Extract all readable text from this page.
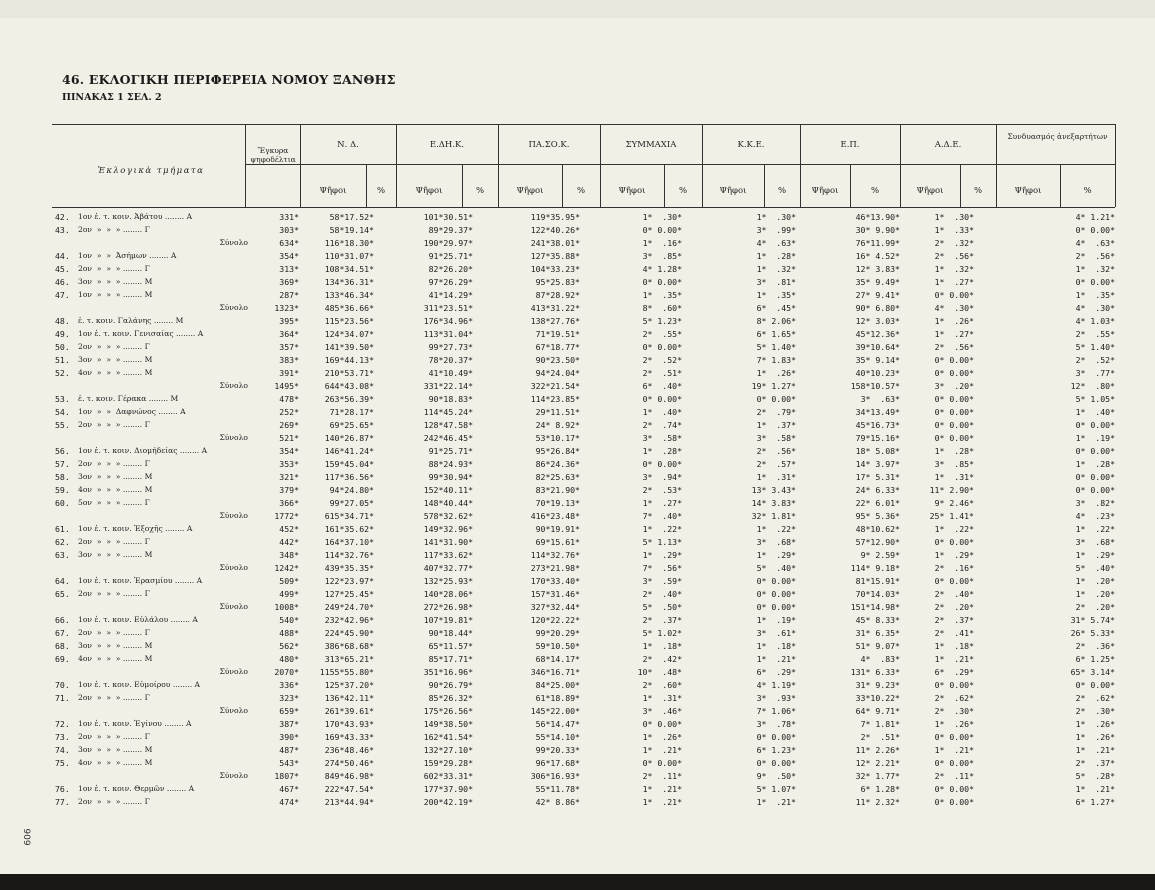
46. ΕΚΛΟΓΙΚΗ ΠΕΡΙΦΕΡΕΙΑ ΝΟΜΟΥ ΞΑΝΘΗΣ
ΠΙΝΑΚΑΣ 1 ΣΕΛ. 2
Ἐκλογικὰ τμήματα
Ἔγκυρα ψηφοδέλτια
Ν. Δ.	Ε.ΔΗ.Κ.	ΠΑ.ΣΟ.Κ.	ΣΥΜΜΑΧΙΑ	Κ.Κ.Ε.	Ε.Π.	Α.Δ.Ε.
Συνδυασμός ἀνεξαρτήτων
Ψῆφοι	%	Ψῆφοι	%	Ψῆφοι	%	Ψῆφοι	%	Ψῆφοι	%	Ψῆφοι	%	Ψῆφοι	%	Ψῆφοι	%
42. 1ον ἐ. τ. κοιν. Ἀβάτου ........ Α	331*	58*17.52*	101*30.51*	119*35.95*	1*  .30*	1*  .30*	46*13.90*	1*  .30*	4* 1.21*
43. 2ον  »  »  » ........ Γ	303*	58*19.14*	89*29.37*	122*40.26*	0* 0.00*	3*  .99*	30* 9.90*	1*  .33*	0* 0.00*
Σύνολο	634*	116*18.30*	190*29.97*	241*38.01*	1*  .16*	4*  .63*	76*11.99*	2*  .32*	4*  .63*
44. 1ον  »  »  Ἀσήμων ........ Α	354*	110*31.07*	91*25.71*	127*35.88*	3*  .85*	1*  .28*	16* 4.52*	2*  .56*	2*  .56*
45. 2ον  »  »  » ........ Γ	313*	108*34.51*	82*26.20*	104*33.23*	4* 1.28*	1*  .32*	12* 3.83*	1*  .32*	1*  .32*
46. 3ον  »  »  » ........ Μ	369*	134*36.31*	97*26.29*	95*25.83*	0* 0.00*	3*  .81*	35* 9.49*	1*  .27*	0* 0.00*
47. 1ον  »  »  » ........ Μ	287*	133*46.34*	41*14.29*	87*28.92*	1*  .35*	1*  .35*	27* 9.41*	0* 0.00*	1*  .35*
Σύνολο	1323*	485*36.66*	311*23.51*	413*31.22*	8*  .60*	6*  .45*	90* 6.80*	4*  .30*	4*  .30*
48. ἐ. τ. κοιν. Γαλάνης ........ Μ	395*	115*23.56*	176*34.96*	138*27.76*	5* 1.23*	8* 2.06*	12* 3.03*	1*  .26*	4* 1.03*
49. 1ον ἐ. τ. κοιν. Γενισαίας ........ Α	364*	124*34.07*	113*31.04*	71*19.51*	2*  .55*	6* 1.65*	45*12.36*	1*  .27*	2*  .55*
50. 2ον  »  »  » ........ Γ	357*	141*39.50*	99*27.73*	67*18.77*	0* 0.00*	5* 1.40*	39*10.64*	2*  .56*	5* 1.40*
51. 3ον  »  »  » ........ Μ	383*	169*44.13*	78*20.37*	90*23.50*	2*  .52*	7* 1.83*	35* 9.14*	0* 0.00*	2*  .52*
52. 4ον  »  »  » ........ Μ	391*	210*53.71*	41*10.49*	94*24.04*	2*  .51*	1*  .26*	40*10.23*	0* 0.00*	3*  .77*
Σύνολο	1495*	644*43.08*	331*22.14*	322*21.54*	6*  .40*	19* 1.27*	158*10.57*	3*  .20*	12*  .80*
53. ἐ. τ. κοιν. Γέρακα ........ Μ	478*	263*56.39*	90*18.83*	114*23.85*	0* 0.00*	0* 0.00*	3*  .63*	0* 0.00*	5* 1.05*
54. 1ον  »  »  Δαφνώνος ........ Α	252*	71*28.17*	114*45.24*	29*11.51*	1*  .40*	2*  .79*	34*13.49*	0* 0.00*	1*  .40*
55. 2ον  »  »  » ........ Γ	269*	69*25.65*	128*47.58*	24* 8.92*	2*  .74*	1*  .37*	45*16.73*	0* 0.00*	0* 0.00*
Σύνολο	521*	140*26.87*	242*46.45*	53*10.17*	3*  .58*	3*  .58*	79*15.16*	0* 0.00*	1*  .19*
56. 1ον ἐ. τ. κοιν. Διομήδείας ........ Α	354*	146*41.24*	91*25.71*	95*26.84*	1*  .28*	2*  .56*	18* 5.08*	1*  .28*	0* 0.00*
57. 2ον  »  »  » ........ Γ	353*	159*45.04*	88*24.93*	86*24.36*	0* 0.00*	2*  .57*	14* 3.97*	3*  .85*	1*  .28*
58. 3ον  »  »  » ........ Μ	321*	117*36.56*	99*30.94*	82*25.63*	3*  .94*	1*  .31*	17* 5.31*	1*  .31*	0* 0.00*
59. 4ον  »  »  » ........ Μ	379*	94*24.80*	152*40.11*	83*21.90*	2*  .53*	13* 3.43*	24* 6.33*	11* 2.90*	0* 0.00*
60. 5ον  »  »  » ........ Γ	366*	99*27.05*	148*40.44*	70*19.13*	1*  .27*	14* 3.83*	22* 6.01*	9* 2.46*	3*  .82*
Σύνολο	1772*	615*34.71*	578*32.62*	416*23.48*	7*  .40*	32* 1.81*	95* 5.36*	25* 1.41*	4*  .23*
61. 1ον ἐ. τ. κοιν. Ἐξοχῆς ........ Α	452*	161*35.62*	149*32.96*	90*19.91*	1*  .22*	1*  .22*	48*10.62*	1*  .22*	1*  .22*
62. 2ον  »  »  » ........ Γ	442*	164*37.10*	141*31.90*	69*15.61*	5* 1.13*	3*  .68*	57*12.90*	0* 0.00*	3*  .68*
63. 3ον  »  »  » ........ Μ	348*	114*32.76*	117*33.62*	114*32.76*	1*  .29*	1*  .29*	9* 2.59*	1*  .29*	1*  .29*
Σύνολο	1242*	439*35.35*	407*32.77*	273*21.98*	7*  .56*	5*  .40*	114* 9.18*	2*  .16*	5*  .40*
64. 1ον ἐ. τ. κοιν. Ἐρασμίου ........ Α	509*	122*23.97*	132*25.93*	170*33.40*	3*  .59*	0* 0.00*	81*15.91*	0* 0.00*	1*  .20*
65. 2ον  »  »  » ........ Γ	499*	127*25.45*	140*28.06*	157*31.46*	2*  .40*	0* 0.00*	70*14.03*	2*  .40*	1*  .20*
Σύνολο	1008*	249*24.70*	272*26.98*	327*32.44*	5*  .50*	0* 0.00*	151*14.98*	2*  .20*	2*  .20*
66. 1ον ἐ. τ. κοιν. Εὐλάλου ........ Α	540*	232*42.96*	107*19.81*	120*22.22*	2*  .37*	1*  .19*	45* 8.33*	2*  .37*	31* 5.74*
67. 2ον  »  »  » ........ Γ	488*	224*45.90*	90*18.44*	99*20.29*	5* 1.02*	3*  .61*	31* 6.35*	2*  .41*	26* 5.33*
68. 3ον  »  »  » ........ Μ	562*	386*68.68*	65*11.57*	59*10.50*	1*  .18*	1*  .18*	51* 9.07*	1*  .18*	2*  .36*
69. 4ον  »  »  » ........ Μ	480*	313*65.21*	85*17.71*	68*14.17*	2*  .42*	1*  .21*	4*  .83*	1*  .21*	6* 1.25*
Σύνολο	2070*	1155*55.80*	351*16.96*	346*16.71*	10*  .48*	6*  .29*	131* 6.33*	6*  .29*	65* 3.14*
70. 1ον ἐ. τ. κοιν. Εὐμοίρου ........ Α	336*	125*37.20*	90*26.79*	84*25.00*	2*  .60*	4* 1.19*	31* 9.23*	0* 0.00*	0* 0.00*
71. 2ον  »  »  » ........ Γ	323*	136*42.11*	85*26.32*	61*18.89*	1*  .31*	3*  .93*	33*10.22*	2*  .62*	2*  .62*
Σύνολο	659*	261*39.61*	175*26.56*	145*22.00*	3*  .46*	7* 1.06*	64* 9.71*	2*  .30*	2*  .30*
72. 1ον ἐ. τ. κοιν. Ἐγίνου ........ Α	387*	170*43.93*	149*38.50*	56*14.47*	0* 0.00*	3*  .78*	7* 1.81*	1*  .26*	1*  .26*
73. 2ον  »  »  » ........ Γ	390*	169*43.33*	162*41.54*	55*14.10*	1*  .26*	0* 0.00*	2*  .51*	0* 0.00*	1*  .26*
74. 3ον  »  »  » ........ Μ	487*	236*48.46*	132*27.10*	99*20.33*	1*  .21*	6* 1.23*	11* 2.26*	1*  .21*	1*  .21*
75. 4ον  »  »  » ........ Μ	543*	274*50.46*	159*29.28*	96*17.68*	0* 0.00*	0* 0.00*	12* 2.21*	0* 0.00*	2*  .37*
Σύνολο	1807*	849*46.98*	602*33.31*	306*16.93*	2*  .11*	9*  .50*	32* 1.77*	2*  .11*	5*  .28*
76. 1ον ἐ. τ. κοιν. Θερμῶν ........ Α	467*	222*47.54*	177*37.90*	55*11.78*	1*  .21*	5* 1.07*	6* 1.28*	0* 0.00*	1*  .21*
77. 2ον  »  »  » ........ Γ	474*	213*44.94*	200*42.19*	42* 8.86*	1*  .21*	1*  .21*	11* 2.32*	0* 0.00*	6* 1.27*
606
